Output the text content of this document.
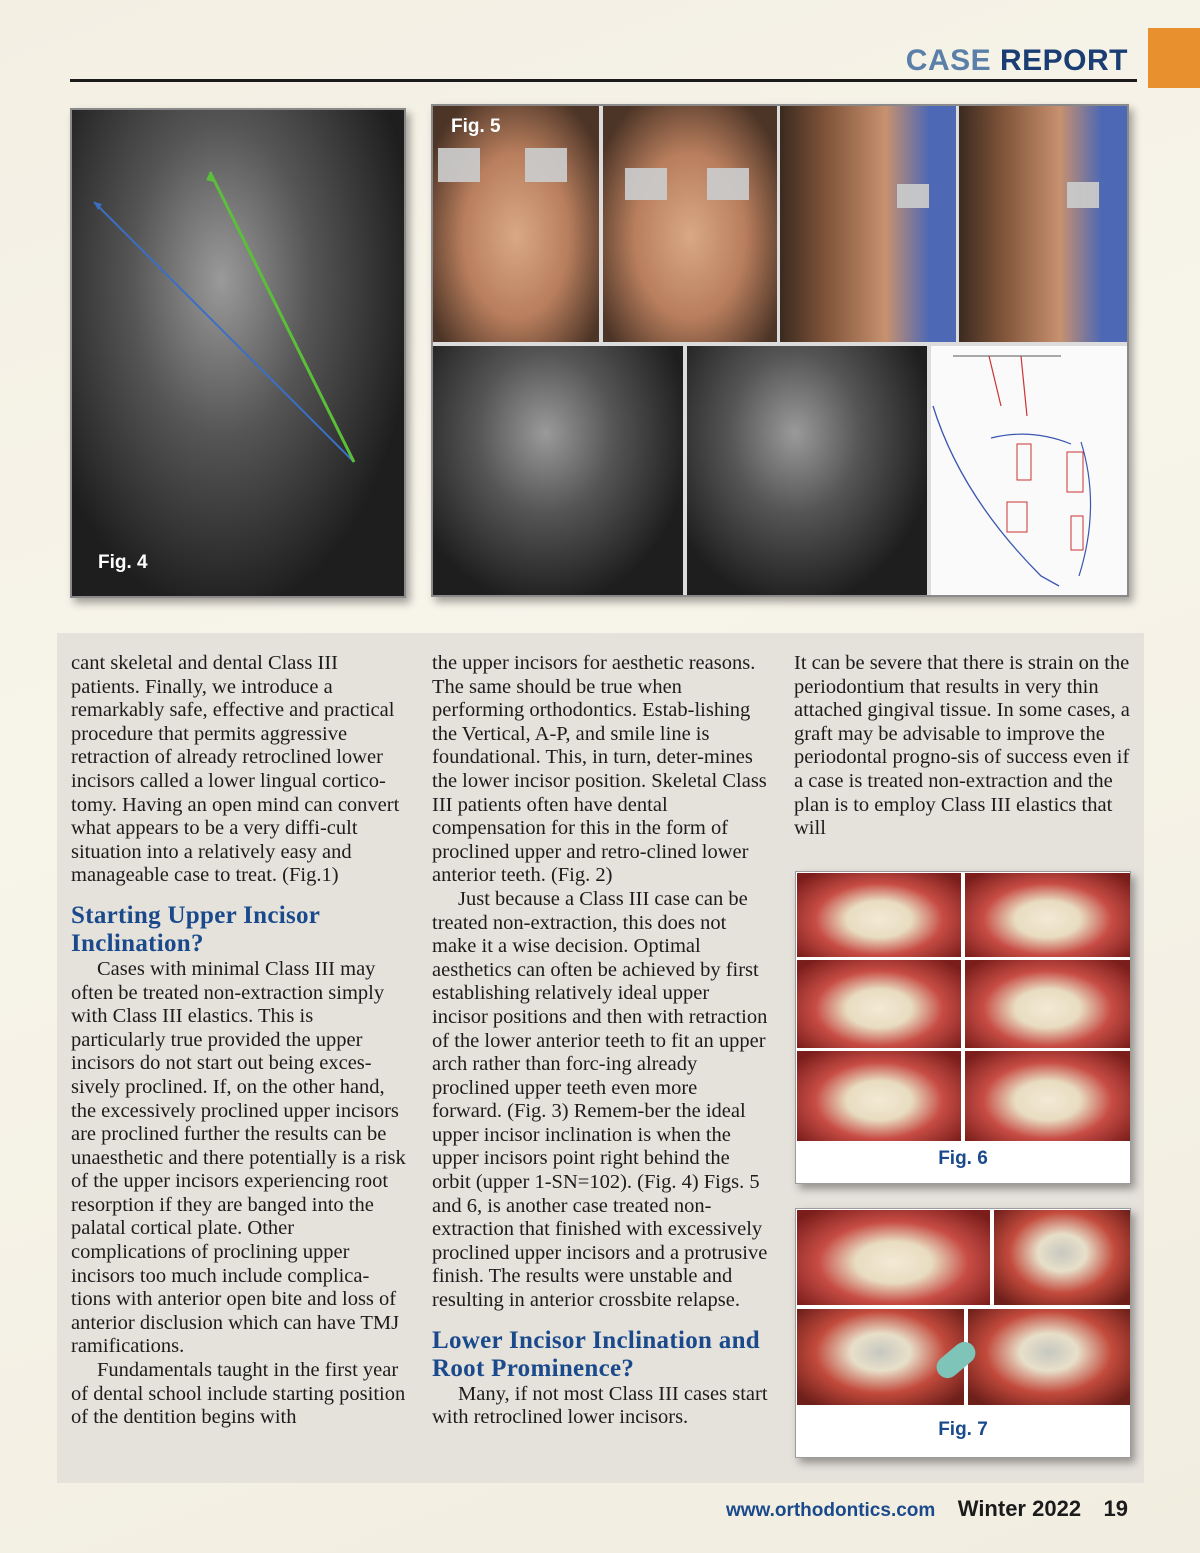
CASE REPORT
Fig. 4
Fig. 5

cant skeletal and dental Class III patients. Finally, we introduce a remarkably safe, effective and practical procedure that permits aggressive retraction of already retroclined lower incisors called a lower lingual cortico-tomy. Having an open mind can convert what appears to be a very diffi-cult situation into a relatively easy and manageable case to treat. (Fig.1)

Starting Upper Incisor Inclination?

Cases with minimal Class III may often be treated non-extraction simply with Class III elastics. This is particularly true provided the upper incisors do not start out being exces-sively proclined. If, on the other hand, the excessively proclined upper incisors are proclined further the results can be unaesthetic and there potentially is a risk of the upper incisors experiencing root resorption if they are banged into the palatal cortical plate. Other complications of proclining upper incisors too much include complica-tions with anterior open bite and loss of anterior disclusion which can have TMJ ramifications.

Fundamentals taught in the first year of dental school include starting position of the dentition begins with

the upper incisors for aesthetic reasons. The same should be true when performing orthodontics. Estab-lishing the Vertical, A-P, and smile line is foundational. This, in turn, deter-mines the lower incisor position. Skeletal Class III patients often have dental compensation for this in the form of proclined upper and retro-clined lower anterior teeth. (Fig. 2)

Just because a Class III case can be treated non-extraction, this does not make it a wise decision. Optimal aesthetics can often be achieved by first establishing relatively ideal upper incisor positions and then with retraction of the lower anterior teeth to fit an upper arch rather than forc-ing already proclined upper teeth even more forward. (Fig. 3) Remem-ber the ideal upper incisor inclination is when the upper incisors point right behind the orbit (upper 1-SN=102). (Fig. 4) Figs. 5 and 6, is another case treated non-extraction that finished with excessively proclined upper incisors and a protrusive finish. The results were unstable and resulting in anterior crossbite relapse.

Lower Incisor Inclination and Root Prominence?

Many, if not most Class III cases start with retroclined lower incisors.

It can be severe that there is strain on the periodontium that results in very thin attached gingival tissue. In some cases, a graft may be advisable to improve the periodontal progno-sis of success even if a case is treated non-extraction and the plan is to employ Class III elastics that will

Fig. 6
Fig. 7
www.orthodontics.com Winter 2022 19
